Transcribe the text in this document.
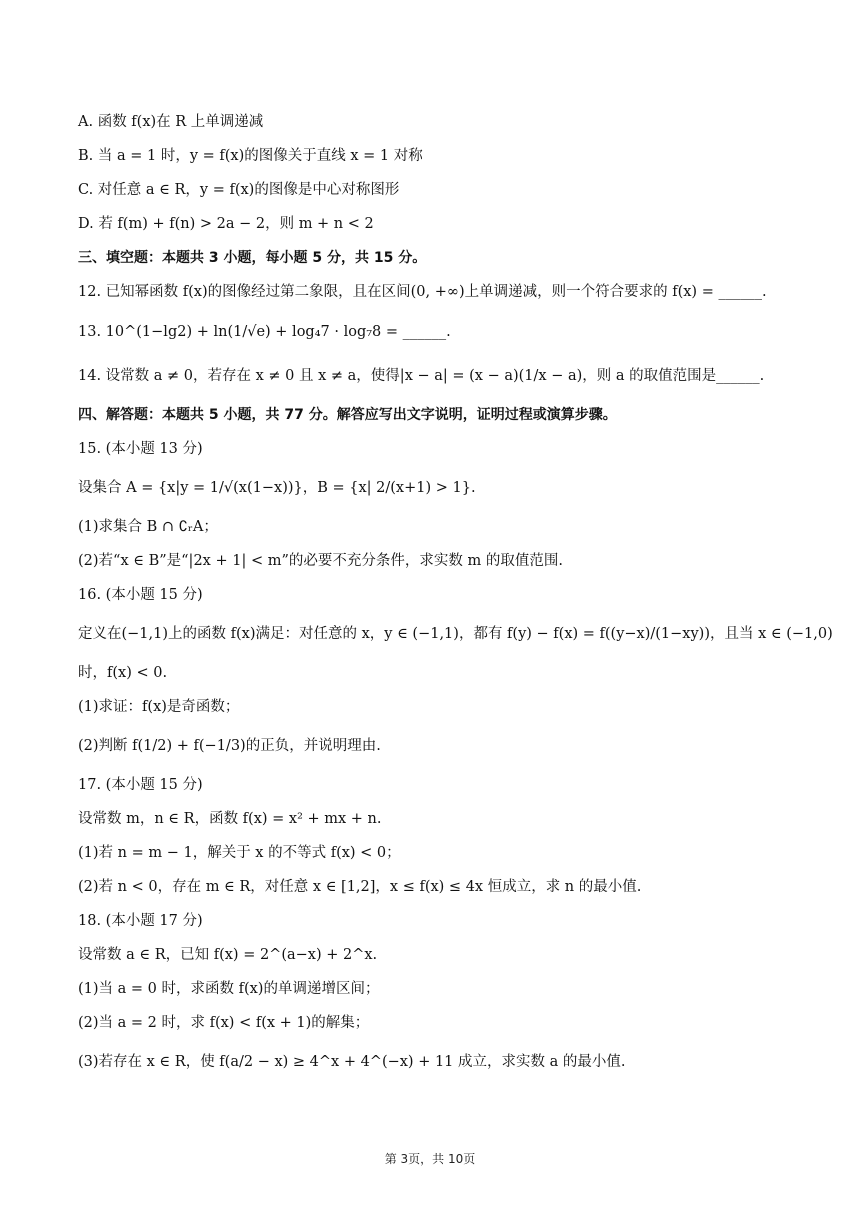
A. 函数 f(x)在 R 上单调递减
B. 当 a = 1 时，y = f(x)的图像关于直线 x = 1 对称
C. 对任意 a ∈ R，y = f(x)的图像是中心对称图形
D. 若 f(m) + f(n) > 2a − 2，则 m + n < 2
三、填空题：本题共 3 小题，每小题 5 分，共 15 分。
12. 已知幂函数 f(x)的图像经过第二象限，且在区间(0, +∞)上单调递减，则一个符合要求的 f(x) = ______.
13. 10^(1−lg2) + ln(1/√e) + log₄7 · log₇8 = ______.
14. 设常数 a ≠ 0，若存在 x ≠ 0 且 x ≠ a，使得|x − a| = (x − a)(1/x − a)，则 a 的取值范围是______.
四、解答题：本题共 5 小题，共 77 分。解答应写出文字说明，证明过程或演算步骤。
15. (本小题 13 分)
设集合 A = {x|y = 1/√(x(1−x))}，B = {x| 2/(x+1) > 1}.
(1)求集合 B ∩ ∁ᵣA；
(2)若“x ∈ B”是“|2x + 1| < m”的必要不充分条件，求实数 m 的取值范围.
16. (本小题 15 分)
定义在(−1,1)上的函数 f(x)满足：对任意的 x，y ∈ (−1,1)，都有 f(y) − f(x) = f((y−x)/(1−xy))，且当 x ∈ (−1,0)
时，f(x) < 0.
(1)求证：f(x)是奇函数；
(2)判断 f(1/2) + f(−1/3)的正负，并说明理由.
17. (本小题 15 分)
设常数 m，n ∈ R，函数 f(x) = x² + mx + n.
(1)若 n = m − 1，解关于 x 的不等式 f(x) < 0；
(2)若 n < 0，存在 m ∈ R，对任意 x ∈ [1,2]，x ≤ f(x) ≤ 4x 恒成立，求 n 的最小值.
18. (本小题 17 分)
设常数 a ∈ R，已知 f(x) = 2^(a−x) + 2^x.
(1)当 a = 0 时，求函数 f(x)的单调递增区间；
(2)当 a = 2 时，求 f(x) < f(x + 1)的解集；
(3)若存在 x ∈ R，使 f(a/2 − x) ≥ 4^x + 4^(−x) + 11 成立，求实数 a 的最小值.
第 3页，共 10页
